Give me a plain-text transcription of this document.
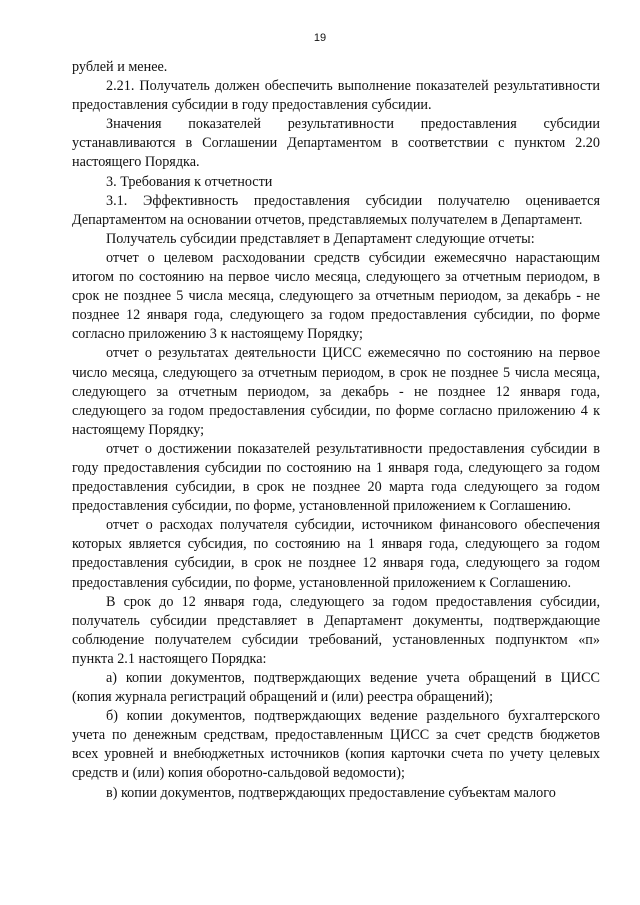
19

рублей и менее.

2.21. Получатель должен обеспечить выполнение показателей результативности предоставления субсидии в году предоставления субсидии.

Значения показателей результативности предоставления субсидии устанавливаются в Соглашении Департаментом в соответствии с пунктом 2.20 настоящего Порядка.

3. Требования к отчетности

3.1. Эффективность предоставления субсидии получателю оценивается Департаментом на основании отчетов, представляемых получателем в Департамент.

Получатель субсидии представляет в Департамент следующие отчеты:

отчет о целевом расходовании средств субсидии ежемесячно нарастающим итогом по состоянию на первое число месяца, следующего за отчетным периодом, в срок не позднее 5 числа месяца, следующего за отчетным периодом, за декабрь - не позднее 12 января года, следующего за годом предоставления субсидии, по форме согласно приложению 3 к настоящему Порядку;

отчет о результатах деятельности ЦИСС ежемесячно по состоянию на первое число месяца, следующего за отчетным периодом, в срок не позднее 5 числа месяца, следующего за отчетным периодом, за декабрь - не позднее 12 января года, следующего за годом предоставления субсидии, по форме согласно приложению 4 к настоящему Порядку;

отчет о достижении показателей результативности предоставления субсидии в году предоставления субсидии по состоянию на 1 января года, следующего за годом предоставления субсидии, в срок не позднее 20 марта года следующего за годом предоставления субсидии, по форме, установленной приложением к Соглашению.

отчет о расходах получателя субсидии, источником финансового обеспечения которых является субсидия, по состоянию на 1 января года, следующего за годом предоставления субсидии, в срок не позднее 12 января года, следующего за годом предоставления субсидии, по форме, установленной приложением к Соглашению.

В срок до 12 января года, следующего за годом предоставления субсидии, получатель субсидии представляет в Департамент документы, подтверждающие соблюдение получателем субсидии требований, установленных подпунктом «п» пункта 2.1 настоящего Порядка:

а) копии документов, подтверждающих ведение учета обращений в ЦИСС (копия журнала регистраций обращений и (или) реестра обращений);

б) копии документов, подтверждающих ведение раздельного бухгалтерского учета по денежным средствам, предоставленным ЦИСС за счет средств бюджетов всех уровней и внебюджетных источников (копия карточки счета по учету целевых средств и (или) копия оборотно-сальдовой ведомости);

в) копии документов, подтверждающих предоставление субъектам малого
